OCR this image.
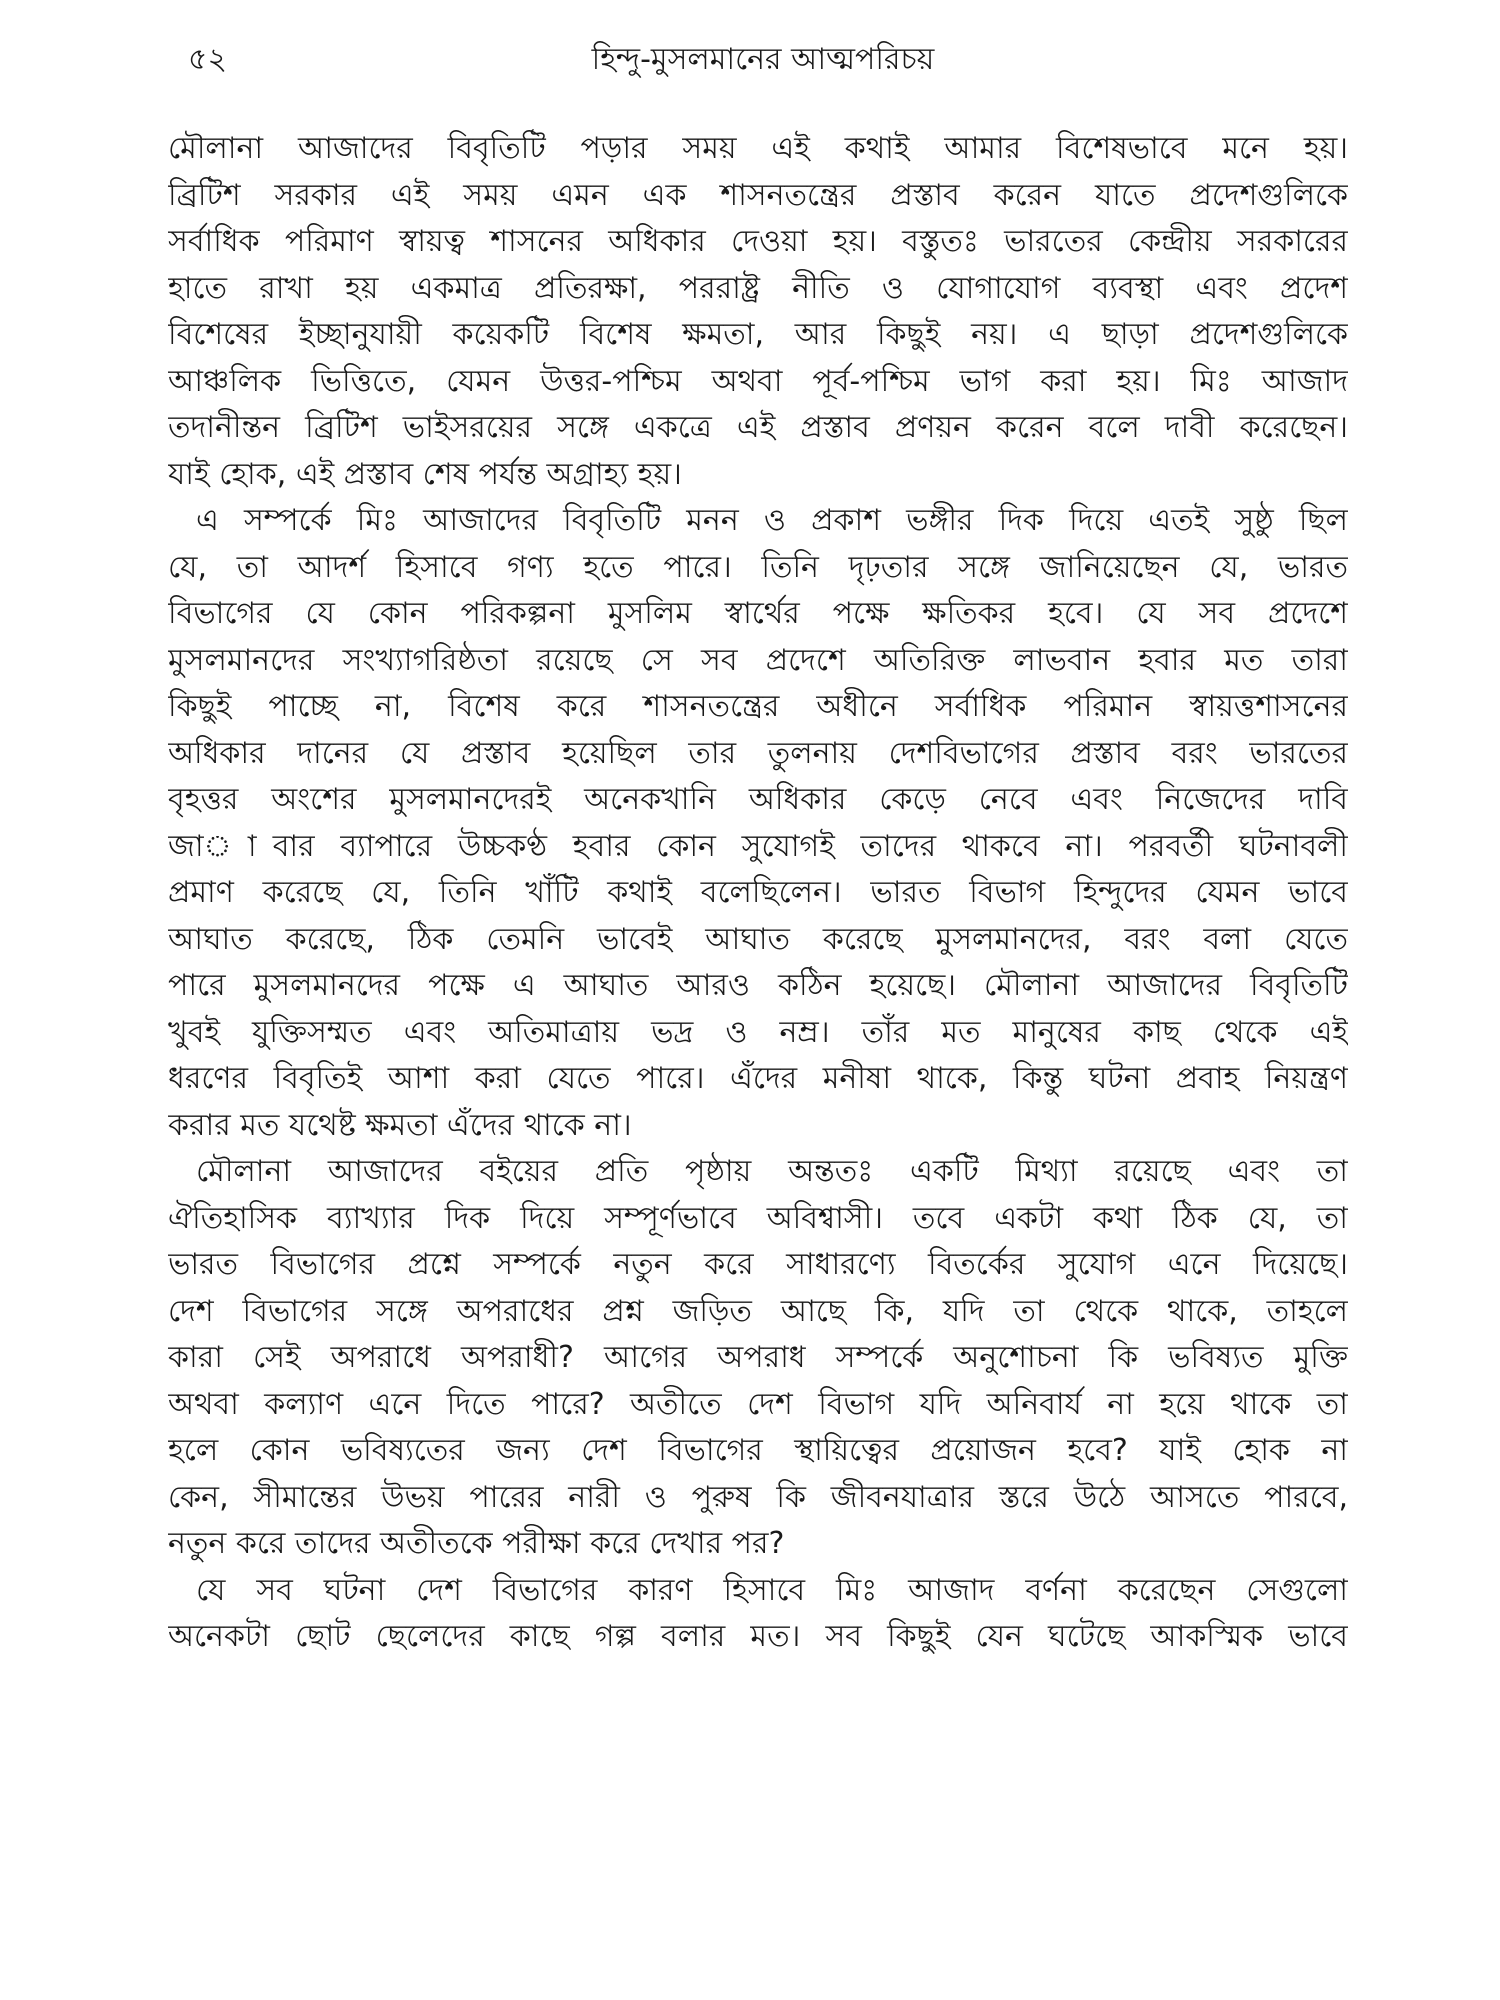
৫২	হিন্দু-মুসলমানের আত্মপরিচয়
মৌলানা আজাদের বিবৃতিটি পড়ার সময় এই কথাই আমার বিশেষভাবে মনে হয়।
ব্রিটিশ সরকার এই সময় এমন এক শাসনতন্ত্রের প্রস্তাব করেন যাতে প্রদেশগুলিকে
সর্বাধিক পরিমাণ স্বায়ত্ব শাসনের অধিকার দেওয়া হয়। বস্তুতঃ ভারতের কেন্দ্রীয় সরকারের
হাতে রাখা হয় একমাত্র প্রতিরক্ষা, পররাষ্ট্র নীতি ও যোগাযোগ ব্যবস্থা এবং প্রদেশ
বিশেষের ইচ্ছানুযায়ী কয়েকটি বিশেষ ক্ষমতা, আর কিছুই নয়। এ ছাড়া প্রদেশগুলিকে
আঞ্চলিক ভিত্তিতে, যেমন উত্তর-পশ্চিম অথবা পূর্ব-পশ্চিম ভাগ করা হয়। মিঃ আজাদ
তদানীন্তন ব্রিটিশ ভাইসরয়ের সঙ্গে একত্রে এই প্রস্তাব প্রণয়ন করেন বলে দাবী করেছেন।
যাই হোক, এই প্রস্তাব শেষ পর্যন্ত অগ্রাহ্য হয়।
এ সম্পর্কে মিঃ আজাদের বিবৃতিটি মনন ও প্রকাশ ভঙ্গীর দিক দিয়ে এতই সুষ্ঠু ছিল
যে, তা আদর্শ হিসাবে গণ্য হতে পারে। তিনি দৃঢ়তার সঙ্গে জানিয়েছেন যে, ভারত
বিভাগের যে কোন পরিকল্পনা মুসলিম স্বার্থের পক্ষে ক্ষতিকর হবে। যে সব প্রদেশে
মুসলমানদের সংখ্যাগরিষ্ঠতা রয়েছে সে সব প্রদেশে অতিরিক্ত লাভবান হবার মত তারা
কিছুই পাচ্ছে না, বিশেষ করে শাসনতন্ত্রের অধীনে সর্বাধিক পরিমান স্বায়ত্তশাসনের
অধিকার দানের যে প্রস্তাব হয়েছিল তার তুলনায় দেশবিভাগের প্রস্তাব বরং ভারতের
বৃহত্তর অংশের মুসলমানদেরই অনেকখানি অধিকার কেড়ে নেবে এবং নিজেদের দাবি
জা◌াবার ব্যাপারে উচ্চকণ্ঠ হবার কোন সুযোগই তাদের থাকবে না। পরবর্তী ঘটনাবলী
প্রমাণ করেছে যে, তিনি খাঁটি কথাই বলেছিলেন। ভারত বিভাগ হিন্দুদের যেমন ভাবে
আঘাত করেছে, ঠিক তেমনি ভাবেই আঘাত করেছে মুসলমানদের, বরং বলা যেতে
পারে মুসলমানদের পক্ষে এ আঘাত আরও কঠিন হয়েছে। মৌলানা আজাদের বিবৃতিটি
খুবই যুক্তিসম্মত এবং অতিমাত্রায় ভদ্র ও নম্র। তাঁর মত মানুষের কাছ থেকে এই
ধরণের বিবৃতিই আশা করা যেতে পারে। এঁদের মনীষা থাকে, কিন্তু ঘটনা প্রবাহ নিয়ন্ত্রণ
করার মত যথেষ্ট ক্ষমতা এঁদের থাকে না।
মৌলানা আজাদের বইয়ের প্রতি পৃষ্ঠায় অন্ততঃ একটি মিথ্যা রয়েছে এবং তা
ঐতিহাসিক ব্যাখ্যার দিক দিয়ে সম্পূর্ণভাবে অবিশ্বাসী। তবে একটা কথা ঠিক যে, তা
ভারত বিভাগের প্রশ্নে সম্পর্কে নতুন করে সাধারণ্যে বিতর্কের সুযোগ এনে দিয়েছে।
দেশ বিভাগের সঙ্গে অপরাধের প্রশ্ন জড়িত আছে কি, যদি তা থেকে থাকে, তাহলে
কারা সেই অপরাধে অপরাধী? আগের অপরাধ সম্পর্কে অনুশোচনা কি ভবিষ্যত মুক্তি
অথবা কল্যাণ এনে দিতে পারে? অতীতে দেশ বিভাগ যদি অনিবার্য না হয়ে থাকে তা
হলে কোন ভবিষ্যতের জন্য দেশ বিভাগের স্থায়িত্বের প্রয়োজন হবে? যাই হোক না
কেন, সীমান্তের উভয় পারের নারী ও পুরুষ কি জীবনযাত্রার স্তরে উঠে আসতে পারবে,
নতুন করে তাদের অতীতকে পরীক্ষা করে দেখার পর?
যে সব ঘটনা দেশ বিভাগের কারণ হিসাবে মিঃ আজাদ বর্ণনা করেছেন সেগুলো
অনেকটা ছোট ছেলেদের কাছে গল্প বলার মত। সব কিছুই যেন ঘটেছে আকস্মিক ভাবে
